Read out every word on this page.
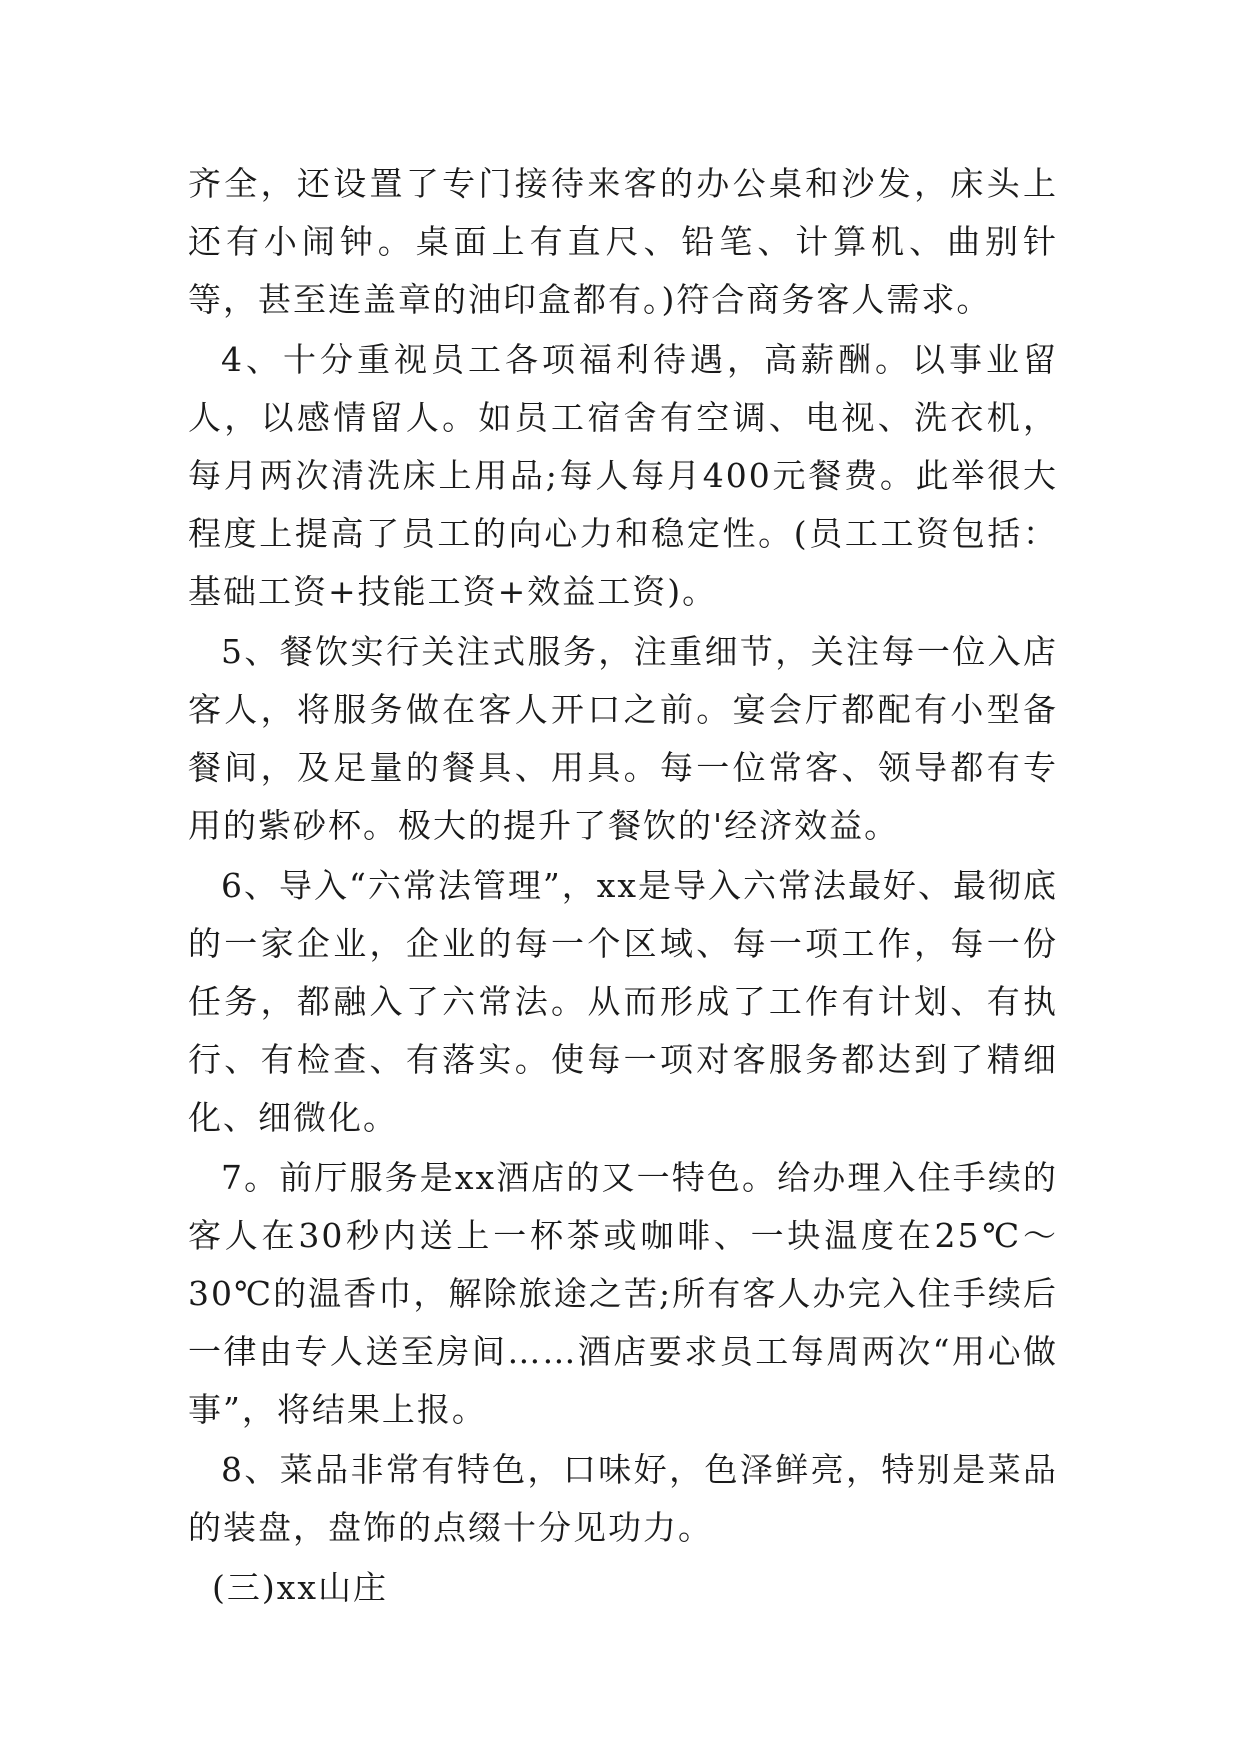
齐全，还设置了专门接待来客的办公桌和沙发，床头上还有小闹钟。桌面上有直尺、铅笔、计算机、曲别针等，甚至连盖章的油印盒都有。)符合商务客人需求。

4、十分重视员工各项福利待遇，高薪酬。以事业留人，以感情留人。如员工宿舍有空调、电视、洗衣机，每月两次清洗床上用品;每人每月400元餐费。此举很大程度上提高了员工的向心力和稳定性。(员工工资包括：基础工资+技能工资+效益工资)。

5、餐饮实行关注式服务，注重细节，关注每一位入店客人，将服务做在客人开口之前。宴会厅都配有小型备餐间，及足量的餐具、用具。每一位常客、领导都有专用的紫砂杯。极大的提升了餐饮的'经济效益。

6、导入“六常法管理”，xx是导入六常法最好、最彻底的一家企业，企业的每一个区域、每一项工作，每一份任务，都融入了六常法。从而形成了工作有计划、有执行、有检查、有落实。使每一项对客服务都达到了精细化、细微化。

7。前厅服务是xx酒店的又一特色。给办理入住手续的客人在30秒内送上一杯茶或咖啡、一块温度在25℃～30℃的温香巾，解除旅途之苦;所有客人办完入住手续后一律由专人送至房间……酒店要求员工每周两次“用心做事”，将结果上报。

8、菜品非常有特色，口味好，色泽鲜亮，特别是菜品的装盘，盘饰的点缀十分见功力。

(三)xx山庄
